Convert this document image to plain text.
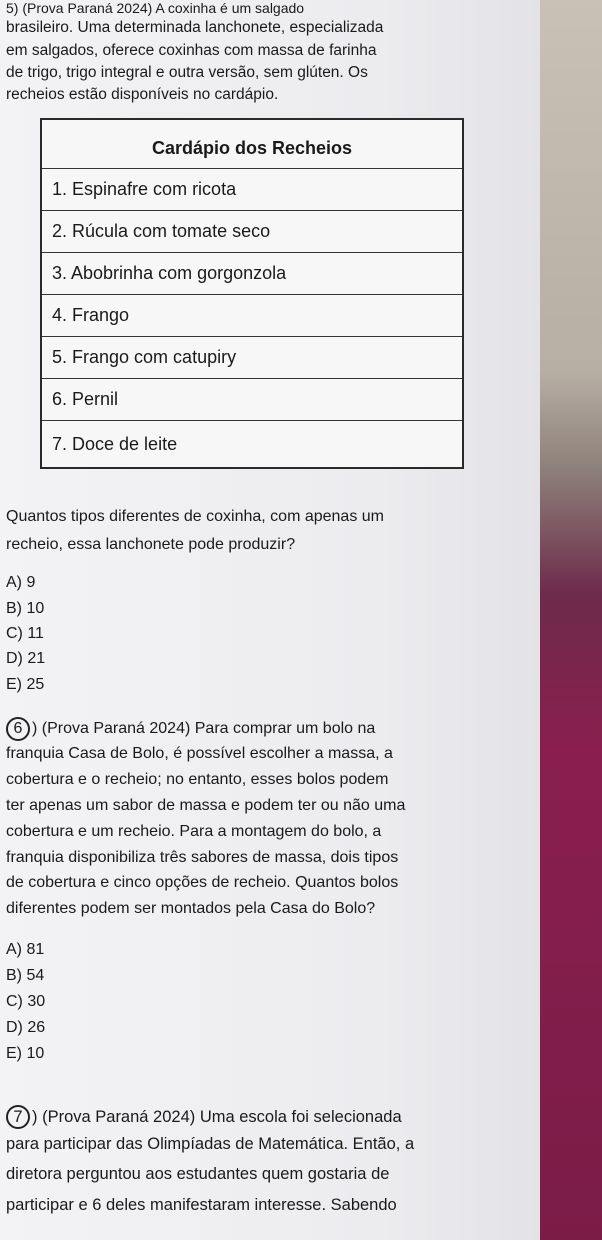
5) (Prova Paraná 2024) A coxinha é um salgado
brasileiro. Uma determinada lanchonete, especializada
em salgados, oferece coxinhas com massa de farinha
de trigo, trigo integral e outra versão, sem glúten. Os
recheios estão disponíveis no cardápio.
Cardápio dos Recheios
1. Espinafre com ricota
2. Rúcula com tomate seco
3. Abobrinha com gorgonzola
4. Frango
5. Frango com catupiry
6. Pernil
7. Doce de leite
Quantos tipos diferentes de coxinha, com apenas um
recheio, essa lanchonete pode produzir?
A) 9
B) 10
C) 11
D) 21
E) 25
6 ) (Prova Paraná 2024) Para comprar um bolo na
franquia Casa de Bolo, é possível escolher a massa, a
cobertura e o recheio; no entanto, esses bolos podem
ter apenas um sabor de massa e podem ter ou não uma
cobertura e um recheio. Para a montagem do bolo, a
franquia disponibiliza três sabores de massa, dois tipos
de cobertura e cinco opções de recheio. Quantos bolos
diferentes podem ser montados pela Casa do Bolo?
A) 81
B) 54
C) 30
D) 26
E) 10
7 ) (Prova Paraná 2024) Uma escola foi selecionada
para participar das Olimpíadas de Matemática. Então, a
diretora perguntou aos estudantes quem gostaria de
participar e 6 deles manifestaram interesse. Sabendo
